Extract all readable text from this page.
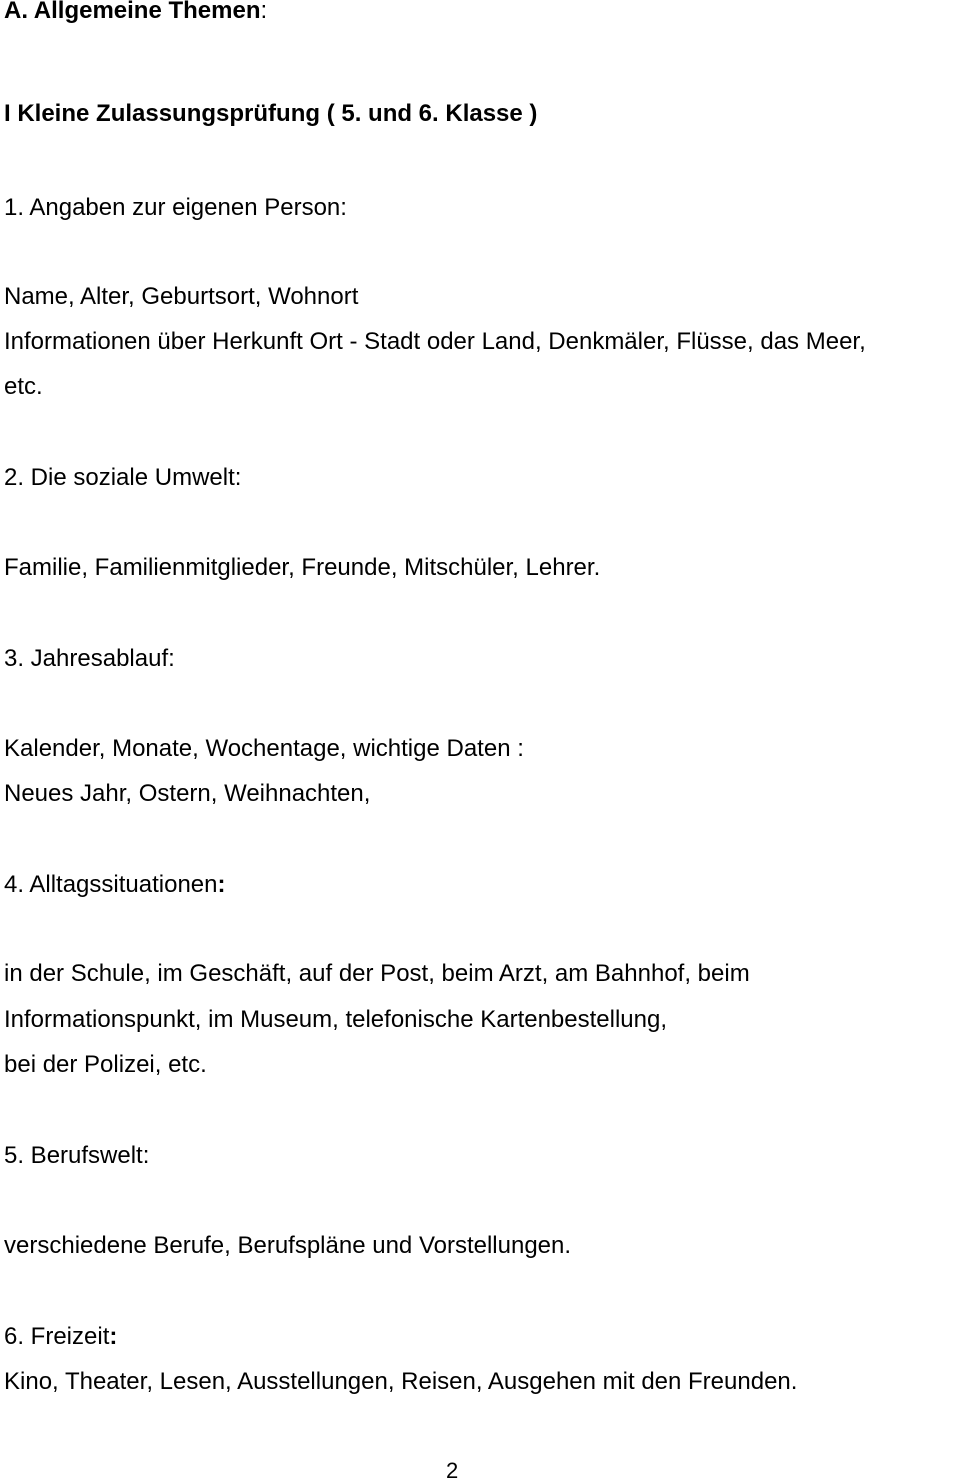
A. Allgemeine Themen:
I Kleine Zulassungsprüfung ( 5. und 6. Klasse )
1. Angaben zur eigenen Person:
Name, Alter, Geburtsort, Wohnort
Informationen über Herkunft Ort - Stadt oder Land, Denkmäler, Flüsse, das Meer,
etc.
2. Die soziale Umwelt:
Familie, Familienmitglieder, Freunde, Mitschüler, Lehrer.
3. Jahresablauf:
Kalender, Monate, Wochentage, wichtige Daten :
Neues Jahr, Ostern, Weihnachten,
4. Alltagssituationen:
in der Schule, im Geschäft, auf der Post, beim Arzt, am Bahnhof, beim
Informationspunkt, im Museum, telefonische Kartenbestellung,
bei der Polizei, etc.
5. Berufswelt:
verschiedene Berufe, Berufspläne und Vorstellungen.
6. Freizeit:
Kino, Theater, Lesen, Ausstellungen, Reisen, Ausgehen mit den Freunden.
2
